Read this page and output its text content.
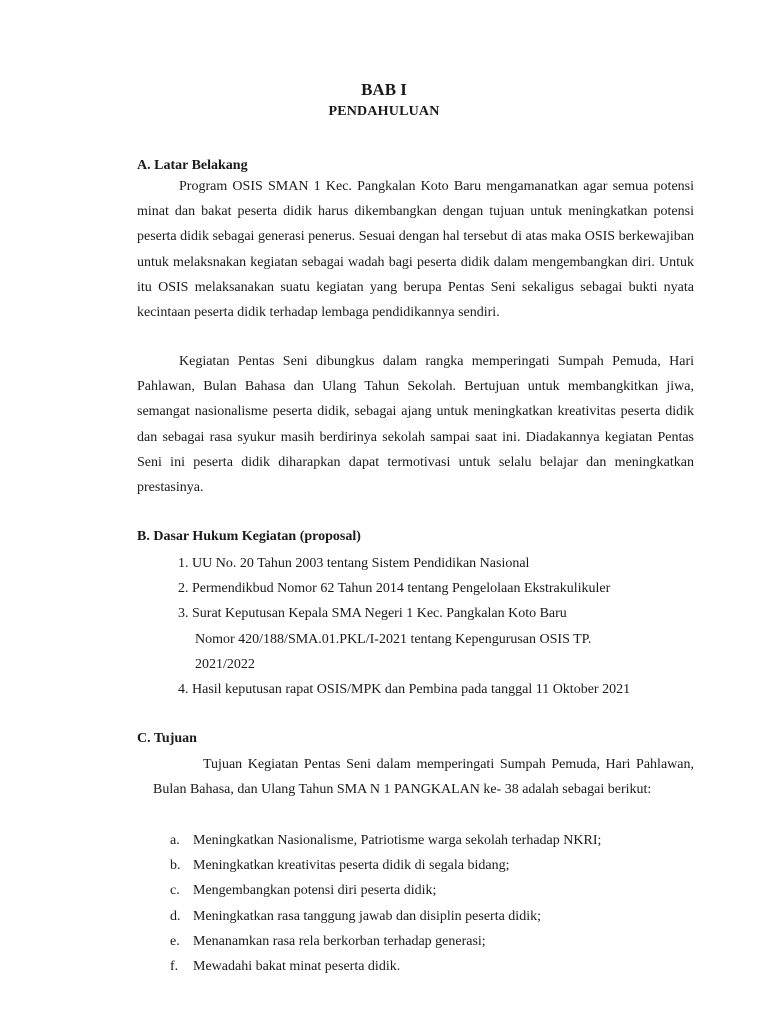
BAB I
PENDAHULUAN
A. Latar Belakang

Program OSIS SMAN 1 Kec. Pangkalan Koto Baru mengamanatkan agar semua potensi minat dan bakat peserta didik harus dikembangkan dengan tujuan untuk meningkatkan potensi peserta didik sebagai generasi penerus. Sesuai dengan hal tersebut di atas maka OSIS berkewajiban untuk melaksnakan kegiatan sebagai wadah bagi peserta didik dalam mengembangkan diri. Untuk itu OSIS melaksanakan suatu kegiatan yang berupa Pentas Seni sekaligus sebagai bukti nyata kecintaan peserta didik terhadap lembaga pendidikannya sendiri.

Kegiatan Pentas Seni dibungkus dalam rangka memperingati Sumpah Pemuda, Hari Pahlawan, Bulan Bahasa dan Ulang Tahun Sekolah. Bertujuan untuk membangkitkan jiwa, semangat nasionalisme peserta didik, sebagai ajang untuk meningkatkan kreativitas peserta didik dan sebagai rasa syukur masih berdirinya sekolah sampai saat ini. Diadakannya kegiatan Pentas Seni ini peserta didik diharapkan dapat termotivasi untuk selalu belajar dan meningkatkan prestasinya.

B. Dasar Hukum Kegiatan (proposal)
1. UU No. 20 Tahun 2003 tentang Sistem Pendidikan Nasional
2. Permendikbud Nomor 62 Tahun 2014 tentang Pengelolaan Ekstrakulikuler
3. Surat Keputusan Kepala SMA Negeri 1 Kec. Pangkalan Koto Baru
Nomor 420/188/SMA.01.PKL/I-2021 tentang Kepengurusan OSIS TP.
2021/2022
4. Hasil keputusan rapat OSIS/MPK dan Pembina pada tanggal 11 Oktober 2021
C. Tujuan

Tujuan Kegiatan Pentas Seni dalam memperingati Sumpah Pemuda, Hari Pahlawan, Bulan Bahasa, dan Ulang Tahun SMA N 1 PANGKALAN ke- 38 adalah sebagai berikut:

a. Meningkatkan Nasionalisme, Patriotisme warga sekolah terhadap NKRI;
b. Meningkatkan kreativitas peserta didik di segala bidang;
c. Mengembangkan potensi diri peserta didik;
d. Meningkatkan rasa tanggung jawab dan disiplin peserta didik;
e. Menanamkan rasa rela berkorban terhadap generasi;
f. Mewadahi bakat minat peserta didik.
